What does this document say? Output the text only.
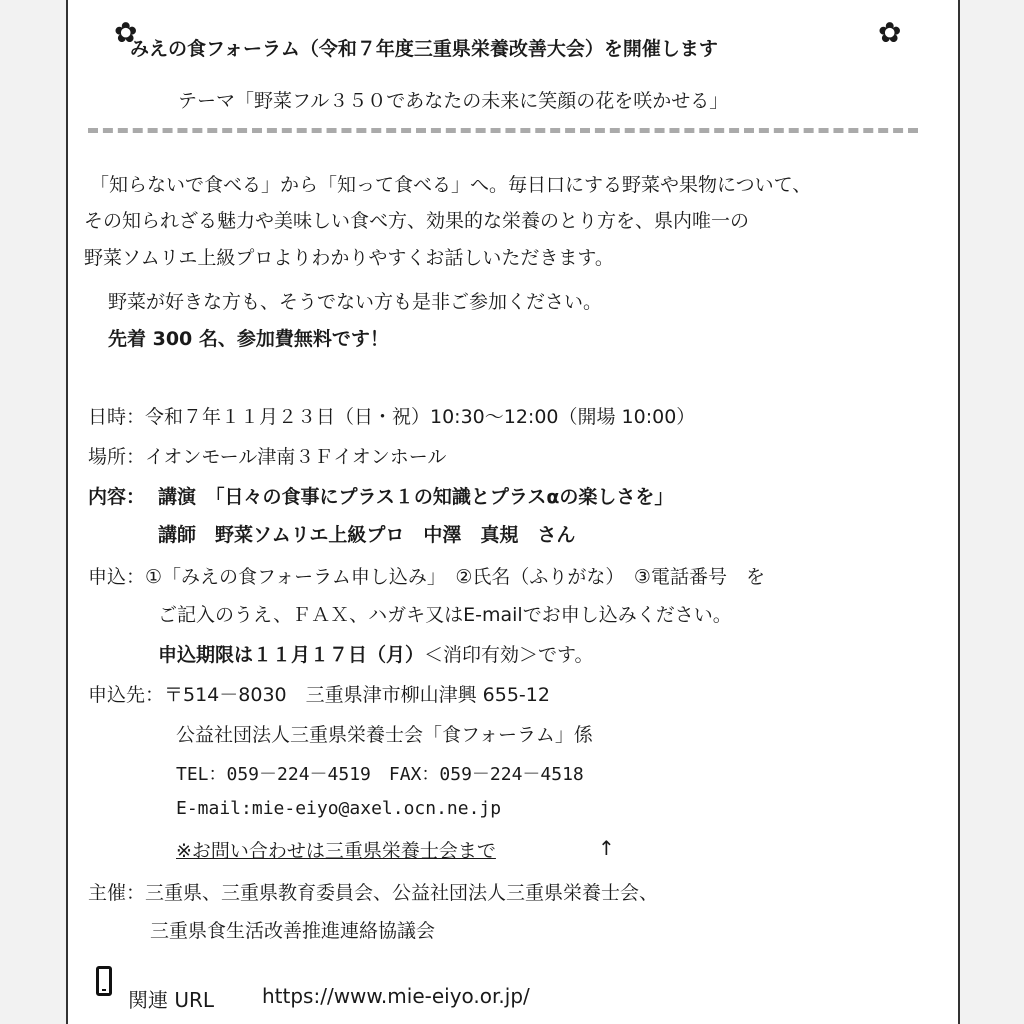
✿
みえの食フォーラム（令和７年度三重県栄養改善大会）を開催します	✿
テーマ「野菜フル３５０であなたの未来に笑顔の花を咲かせる」
「知らないで食べる」から「知って食べる」へ。毎日口にする野菜や果物について、
その知られざる魅力や美味しい食べ方、効果的な栄養のとり方を、県内唯一の
野菜ソムリエ上級プロよりわかりやすくお話しいただきます。
野菜が好きな方も、そうでない方も是非ご参加ください。
先着 300 名、参加費無料です！
日時：令和７年１１月２３日（日・祝）10:30～12:00（開場 10:00）
場所：イオンモール津南３Ｆイオンホール
内容： 講演　「日々の食事にプラス１の知識とプラスαの楽しさを」
講師　野菜ソムリエ上級プロ　中澤　真規　さん
申込：①「みえの食フォーラム申し込み」　②氏名（ふりがな）　③電話番号　を
ご記入のうえ、ＦＡＸ、ハガキ又はE-mailでお申し込みください。
申込期限は１１月１７日（月）＜消印有効＞です。
申込先：〒514－8030　三重県津市柳山津興 655-12
公益社団法人三重県栄養士会「食フォーラム」係
TEL：059－224－4519　FAX：059－224－4518
E-mail:mie-eiyo@axel.ocn.ne.jp
※お問い合わせは三重県栄養士会まで	↑
主催：三重県、三重県教育委員会、公益社団法人三重県栄養士会、
三重県食生活改善推進連絡協議会
関連 URL https://www.mie-eiyo.or.jp/
